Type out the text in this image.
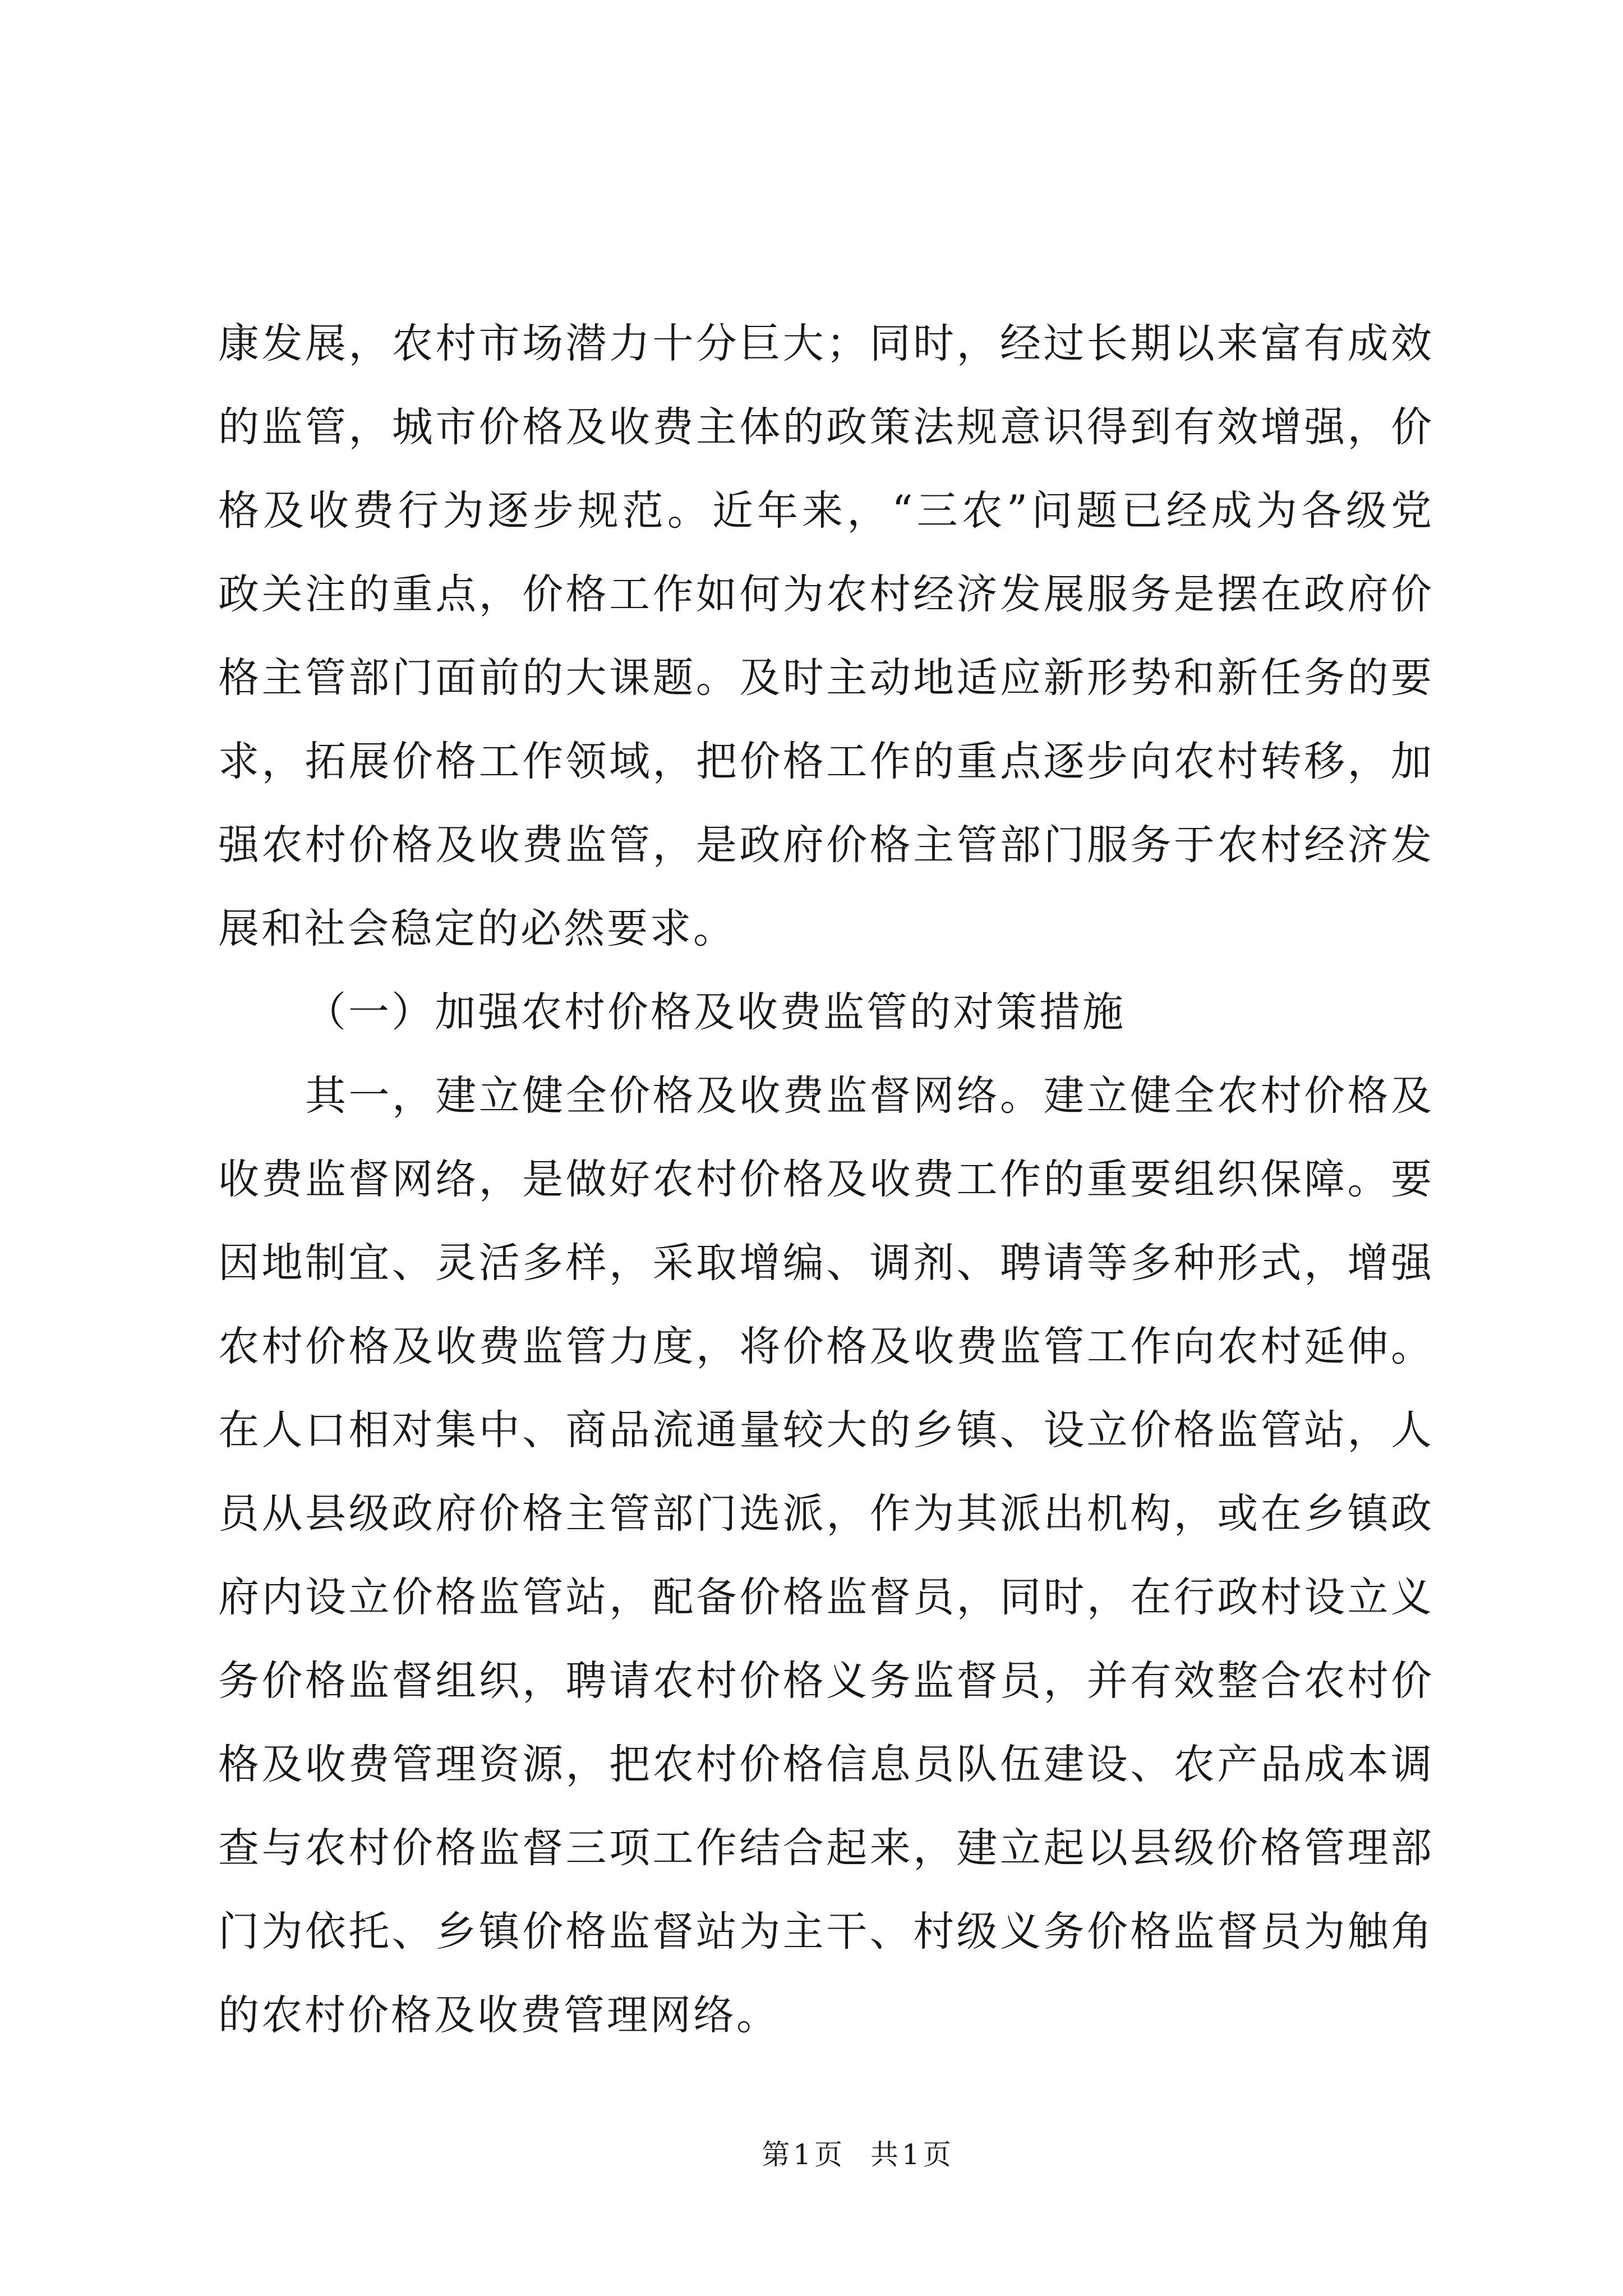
康发展，农村市场潜力十分巨大；同时，经过长期以来富有成效
的监管，城市价格及收费主体的政策法规意识得到有效增强，价
格及收费行为逐步规范。近年来，“三农”问题已经成为各级党
政关注的重点，价格工作如何为农村经济发展服务是摆在政府价
格主管部门面前的大课题。及时主动地适应新形势和新任务的要
求，拓展价格工作领域，把价格工作的重点逐步向农村转移，加
强农村价格及收费监管，是政府价格主管部门服务于农村经济发
展和社会稳定的必然要求。
（一）加强农村价格及收费监管的对策措施
其一，建立健全价格及收费监督网络。建立健全农村价格及
收费监督网络，是做好农村价格及收费工作的重要组织保障。要
因地制宜、灵活多样，采取增编、调剂、聘请等多种形式，增强
农村价格及收费监管力度，将价格及收费监管工作向农村延伸。
在人口相对集中、商品流通量较大的乡镇、设立价格监管站，人
员从县级政府价格主管部门选派，作为其派出机构，或在乡镇政
府内设立价格监管站，配备价格监督员，同时，在行政村设立义
务价格监督组织，聘请农村价格义务监督员，并有效整合农村价
格及收费管理资源，把农村价格信息员队伍建设、农产品成本调
查与农村价格监督三项工作结合起来，建立起以县级价格管理部
门为依托、乡镇价格监督站为主干、村级义务价格监督员为触角
的农村价格及收费管理网络。
第1页 共1页
